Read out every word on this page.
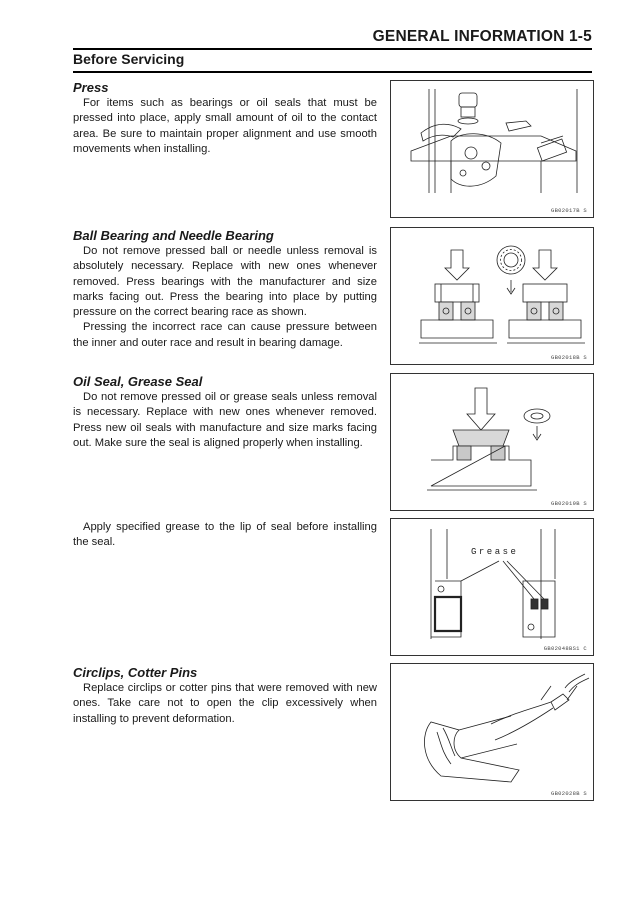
GENERAL INFORMATION 1-5
Before Servicing
Press

For items such as bearings or oil seals that must be pressed into place, apply small amount of oil to the contact area. Be sure to maintain proper alignment and use smooth movements when installing.

Ball Bearing and Needle Bearing

Do not remove pressed ball or needle unless removal is absolutely necessary. Replace with new ones whenever removed. Press bearings with the manufacturer and size marks facing out. Press the bearing into place by putting pressure on the correct bearing race as shown.

Pressing the incorrect race can cause pressure between the inner and outer race and result in bearing damage.

Oil Seal, Grease Seal

Do not remove pressed oil or grease seals unless removal is necessary. Replace with new ones whenever removed. Press new oil seals with manufacture and size marks facing out. Make sure the seal is aligned properly when installing.

Apply specified grease to the lip of seal before installing the seal.

Circlips, Cotter Pins

Replace circlips or cotter pins that were removed with new ones. Take care not to open the clip excessively when installing to prevent deformation.

GB02017B S
GB02018B S
GB02019B S
Grease
GB02048BS1 C
GB02028B S
